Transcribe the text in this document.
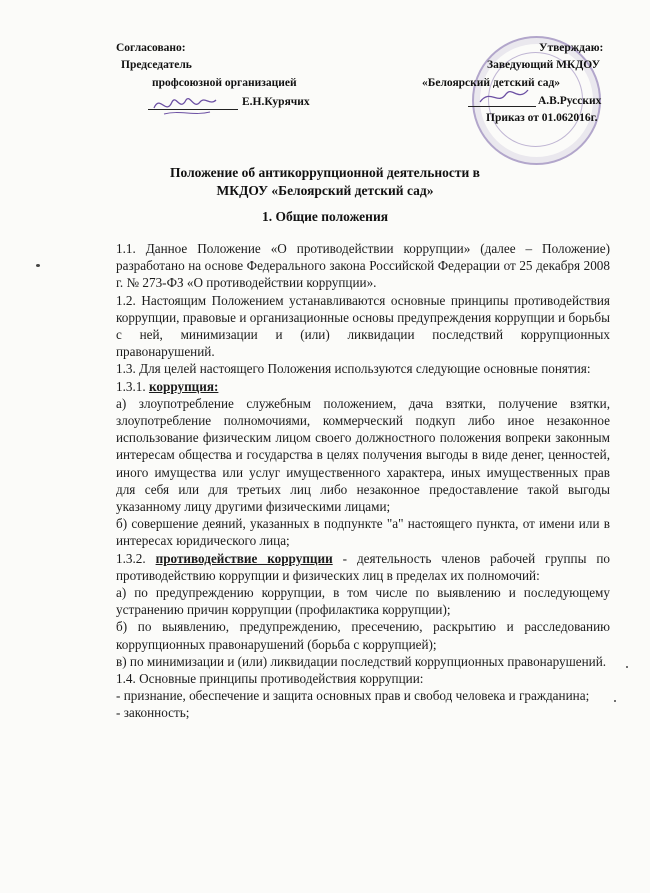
Согласовано:
Председатель
профсоюзной организацией
Е.Н.Курячих
Утверждаю:
Заведующий МКДОУ
«Белоярский детский сад»
А.В.Русских
Приказ от 01.062016г.
Положение об антикоррупционной деятельности в
МКДОУ «Белоярский детский сад»
1. Общие положения

1.1. Данное Положение «О противодействии коррупции» (далее – Положение) разработано на основе Федерального закона Российской Федерации от 25 декабря 2008 г. № 273-ФЗ «О противодействии коррупции».

1.2. Настоящим Положением устанавливаются основные принципы противодействия коррупции, правовые и организационные основы предупреждения коррупции и борьбы с ней, минимизации и (или) ликвидации последствий коррупционных правонарушений.

1.3. Для целей настоящего Положения используются следующие основные понятия:

1.3.1. коррупция:

а) злоупотребление служебным положением, дача взятки, получение взятки, злоупотребление полномочиями, коммерческий подкуп либо иное незаконное использование физическим лицом своего должностного положения вопреки законным интересам общества и государства в целях получения выгоды в виде денег, ценностей, иного имущества или услуг имущественного характера, иных имущественных прав для себя или для третьих лиц либо незаконное предоставление такой выгоды указанному лицу другими физическими лицами;

б) совершение деяний, указанных в подпункте "а" настоящего пункта, от имени или в интересах юридического лица;

1.3.2. противодействие коррупции - деятельность членов рабочей группы по противодействию коррупции и физических лиц в пределах их полномочий:

а) по предупреждению коррупции, в том числе по выявлению и последующему устранению причин коррупции (профилактика коррупции);

б) по выявлению, предупреждению, пресечению, раскрытию и расследованию коррупционных правонарушений (борьба с коррупцией);

в) по минимизации и (или) ликвидации последствий коррупционных правонарушений.

1.4. Основные принципы противодействия коррупции:

- признание, обеспечение и защита основных прав и свобод человека и гражданина;

- законность;
